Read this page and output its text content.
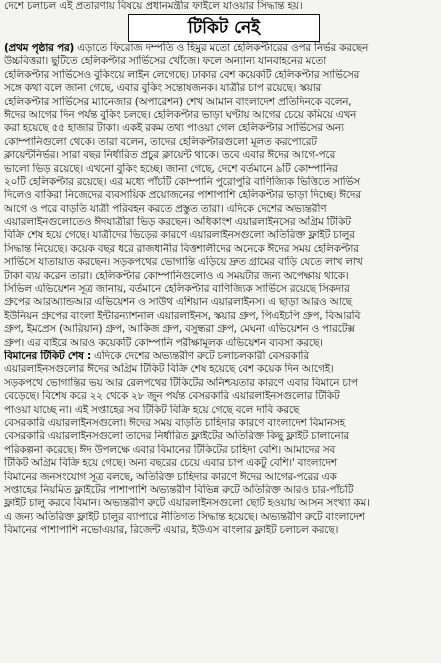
দেশে চলাচল এই প্রতারণায় বিষয়ে প্রধানমন্ত্রীর ফাইলে যাওয়ার সিদ্ধান্ত হয়।
টিকিট নেই
(প্রথম পৃষ্ঠার পর) এড়াতে ফিরোজ দম্পতি ও হিমুর মতো হেলিকপ্টারের ওপর নির্ভর করছেন
উচ্চবিত্তরা। ছুটিতে হেলিকপ্টার সার্ভিসের খোঁজে। ফলে অন্যান্য যানবাহনের মতো
হেলিকপ্টার সার্ভিসেও বুকিংয়ে লাইন লেগেছে। ঢাকার বেশ কয়েকটি হেলিকপ্টার সার্ভিসের
সঙ্গে কথা বলে জানা গেছে, এবার বুকিং সন্তোষজনক। যাত্রীর চাপ রয়েছে। স্কয়ার
হেলিকপ্টার সার্ভিসের ম্যানেজার (অপারেশন) শেখ আমান বাংলাদেশ প্রতিদিনকে বলেন,
ঈদের আগের দিন পর্যন্ত বুকিং চলছে। হেলিকপ্টার ভাড়া ঘণ্টায় আগের চেয়ে কমিয়ে এখন
করা হয়েছে ৫৫ হাজার টাকা। একই রকম তথ্য পাওয়া গেল হেলিকপ্টার সার্ভিসের অন্য
কোম্পানিগুলো থেকে। তারা বলেন, তাদের হেলিকপ্টারগুলো মূলত করপোরেট
ক্লায়েন্টনির্ভর। সারা বছর নির্ধারিত প্রচুর ক্লায়েন্ট থাকে। তবে এবার ঈদের আগে-পরে
ভালো ভিড় রয়েছে। এখনো বুকিং হচ্ছে। জানা গেছে, দেশে বর্তমানে ৯টি কোম্পানির
২০টি হেলিকপ্টার রয়েছে। এর মধ্যে পাঁচটি কোম্পানি পুরোপুরি বাণিজ্যিক ভিত্তিতে সার্ভিস
দিলেও বাকিরা নিজেদের ব্যবসায়িক প্রয়োজনের পাশাপাশি হেলিকপ্টার ভাড়া দিচ্ছে। ঈদের
আগে ও পরে বাড়তি যাত্রী পরিবহন করতে প্রস্তুত তারা। এদিকে দেশের অভ্যন্তরীণ
এয়ারলাইনগুলোতেও ঈদযাত্রীরা ভিড় করছেন। অধিকাংশ এয়ারলাইনসের অগ্রিম টিকিট
বিক্রি শেষ হয়ে গেছে। যাত্রীদের ভিড়ের কারণে এয়ারলাইনসগুলো অতিরিক্ত ফ্লাইট চালুর
সিদ্ধান্ত নিয়েছে। কয়েক বছর ধরে রাজধানীর বিত্তশালীদের অনেকে ঈদের সময় হেলিকপ্টার
সার্ভিসে যাতায়াত করছেন। সড়কপথের ভোগান্তি এড়িয়ে দ্রুত গ্রামের বাড়ি যেতে লাখ লাখ
টাকা ব্যয় করেন তারা। হেলিকপ্টার কোম্পানিগুলোও এ সময়টার জন্য অপেক্ষায় থাকে।
সিভিল এভিয়েশন সূত্র জানায়, বর্তমানে হেলিকপ্টার বাণিজ্যিক সার্ভিসে রয়েছে সিকদার
গ্রুপের আরঅ্যান্ডআর এভিয়েশন ও সাউথ এশিয়ান এয়ারলাইনস। এ ছাড়া আরও আছে
ইউনিয়ন গ্রুপের বাংলা ইন্টারন্যাশনাল এয়ারলাইনস, স্কয়ার গ্রুপ, পিএইচপি গ্রুপ, বিআরবি
গ্রুপ, ইমপ্রেস (আরিয়ান) গ্রুপ, আকিজ গ্রুপ, বসুন্ধরা গ্রুপ, মেঘনা এভিয়েশন ও পারটেক্স
গ্রুপ। এর বাইরে আরও কয়েকটি কোম্পানি পরীক্ষামূলক এভিয়েশন ব্যবসা করছে।
বিমানের টিকিট শেষ : এদিকে দেশের অভ্যন্তরীণ রুটে চলাচলকারী বেসরকারি
এয়ারলাইনসগুলোর ঈদের অগ্রিম টিকিট বিক্রি শেষ হয়েছে বেশ কয়েক দিন আগেই।
সড়কপথে ভোগান্তির ভয় আর রেলপথের টিকিটের অনিশ্চয়তার কারণে এবার বিমানে চাপ
বেড়েছে। বিশেষ করে ২২ থেকে ২৮ জুন পর্যন্ত বেসরকারি এয়ারলাইনসগুলোর টিকিট
পাওয়া যাচ্ছে না। এই সপ্তাহের সব টিকিট বিক্রি হয়ে গেছে বলে দাবি করছে
বেসরকারি এয়ারলাইনসগুলো। ঈদের সময় বাড়তি চাহিদার কারণে বাংলাদেশ বিমানসহ
বেসরকারি এয়ারলাইনসগুলো তাদের নির্ধারিত ফ্লাইটের অতিরিক্ত কিছু ফ্লাইট চালানোর
পরিকল্পনা করেছে। ঈদ উপলক্ষে এবার বিমানের টিকিটের চাহিদা বেশি। আমাদের সব
টিকিট অগ্রিম বিক্রি হয়ে গেছে। অন্য বছরের চেয়ে এবার চাপ একটু বেশি।' বাংলাদেশ
বিমানের জনসংযোগ সূত্র বলছে, অতিরিক্ত চাহিদার কারণে ঈদের আগের-পরের এক
সপ্তাহের নিয়মিত ফ্লাইটের পাশাপাশি অভ্যন্তরীণ বিভিন্ন রুটে অতিরিক্ত আরও চার-পাঁচটি
ফ্লাইট চালু করবে বিমান। অভ্যন্তরীণ রুটে এয়ারলাইনসগুলো ছোট হওয়ায় আসন সংখ্যা কম।
এ জন্য অতিরিক্ত ফ্লাইট চালুর ব্যাপারে নীতিগত সিদ্ধান্ত হয়েছে। অভ্যন্তরীণ রুটে বাংলাদেশ
বিমানের পাশাপাশি নভোএয়ার, রিজেন্ট এয়ার, ইউএস বাংলার ফ্লাইট চলাচল করছে।
